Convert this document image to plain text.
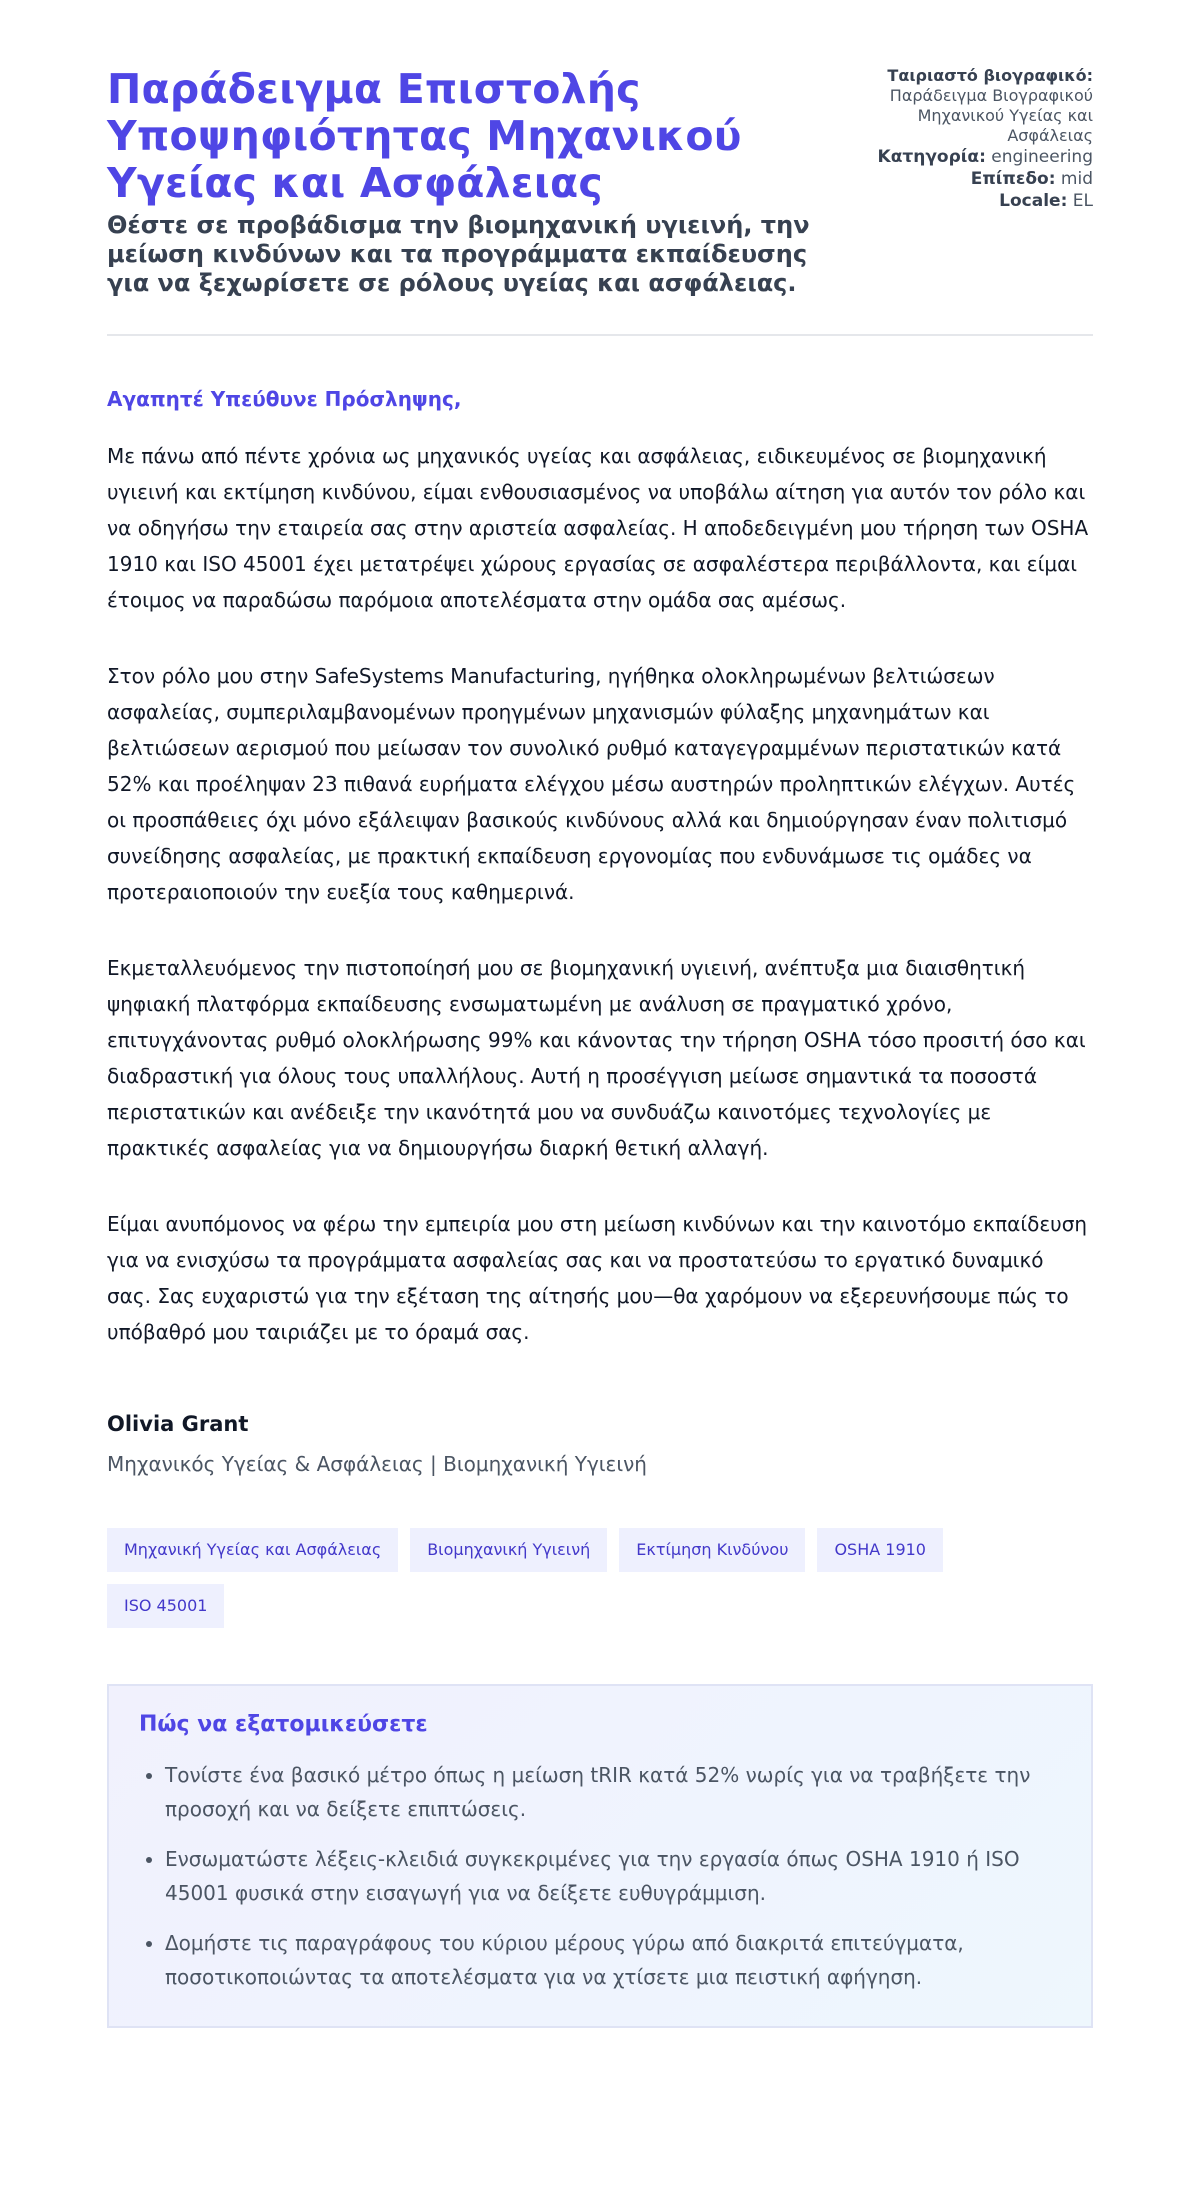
Παράδειγμα Επιστολής Υποψηφιότητας Μηχανικού Υγείας και Ασφάλειας
Θέστε σε προβάδισμα την βιομηχανική υγιεινή, την μείωση κινδύνων και τα προγράμματα εκπαίδευσης για να ξεχωρίσετε σε ρόλους υγείας και ασφάλειας.
Ταιριαστό βιογραφικό:
Παράδειγμα Βιογραφικού Μηχανικού Υγείας και Ασφάλειας

Κατηγορία: engineering

Επίπεδο: mid

Locale: EL

Αγαπητέ Υπεύθυνε Πρόσληψης,

Με πάνω από πέντε χρόνια ως μηχανικός υγείας και ασφάλειας, ειδικευμένος σε βιομηχανική υγιεινή και εκτίμηση κινδύνου, είμαι ενθουσιασμένος να υποβάλω αίτηση για αυτόν τον ρόλο και να οδηγήσω την εταιρεία σας στην αριστεία ασφαλείας. Η αποδεδειγμένη μου τήρηση των OSHA 1910 και ISO 45001 έχει μετατρέψει χώρους εργασίας σε ασφαλέστερα περιβάλλοντα, και είμαι έτοιμος να παραδώσω παρόμοια αποτελέσματα στην ομάδα σας αμέσως.

Στον ρόλο μου στην SafeSystems Manufacturing, ηγήθηκα ολοκληρωμένων βελτιώσεων ασφαλείας, συμπεριλαμβανομένων προηγμένων μηχανισμών φύλαξης μηχανημάτων και βελτιώσεων αερισμού που μείωσαν τον συνολικό ρυθμό καταγεγραμμένων περιστατικών κατά 52% και προέληψαν 23 πιθανά ευρήματα ελέγχου μέσω αυστηρών προληπτικών ελέγχων. Αυτές οι προσπάθειες όχι μόνο εξάλειψαν βασικούς κινδύνους αλλά και δημιούργησαν έναν πολιτισμό συνείδησης ασφαλείας, με πρακτική εκπαίδευση εργονομίας που ενδυνάμωσε τις ομάδες να προτεραιοποιούν την ευεξία τους καθημερινά.

Εκμεταλλευόμενος την πιστοποίησή μου σε βιομηχανική υγιεινή, ανέπτυξα μια διαισθητική ψηφιακή πλατφόρμα εκπαίδευσης ενσωματωμένη με ανάλυση σε πραγματικό χρόνο, επιτυγχάνοντας ρυθμό ολοκλήρωσης 99% και κάνοντας την τήρηση OSHA τόσο προσιτή όσο και διαδραστική για όλους τους υπαλλήλους. Αυτή η προσέγγιση μείωσε σημαντικά τα ποσοστά περιστατικών και ανέδειξε την ικανότητά μου να συνδυάζω καινοτόμες τεχνολογίες με πρακτικές ασφαλείας για να δημιουργήσω διαρκή θετική αλλαγή.

Είμαι ανυπόμονος να φέρω την εμπειρία μου στη μείωση κινδύνων και την καινοτόμο εκπαίδευση για να ενισχύσω τα προγράμματα ασφαλείας σας και να προστατεύσω το εργατικό δυναμικό σας. Σας ευχαριστώ για την εξέταση της αίτησής μου—θα χαρόμουν να εξερευνήσουμε πώς το υπόβαθρό μου ταιριάζει με το όραμά σας.

Olivia Grant

Μηχανικός Υγείας & Ασφάλειας | Βιομηχανική Υγιεινή

Μηχανική Υγείας και Ασφάλειας	Βιομηχανική Υγιεινή	Εκτίμηση Κινδύνου	OSHA 1910
ISO 45001
Πώς να εξατομικεύσετε
• Τονίστε ένα βασικό μέτρο όπως η μείωση tRIR κατά 52% νωρίς για να τραβήξετε την προσοχή και να δείξετε επιπτώσεις.
• Ενσωματώστε λέξεις-κλειδιά συγκεκριμένες για την εργασία όπως OSHA 1910 ή ISO 45001 φυσικά στην εισαγωγή για να δείξετε ευθυγράμμιση.
• Δομήστε τις παραγράφους του κύριου μέρους γύρω από διακριτά επιτεύγματα, ποσοτικοποιώντας τα αποτελέσματα για να χτίσετε μια πειστική αφήγηση.
